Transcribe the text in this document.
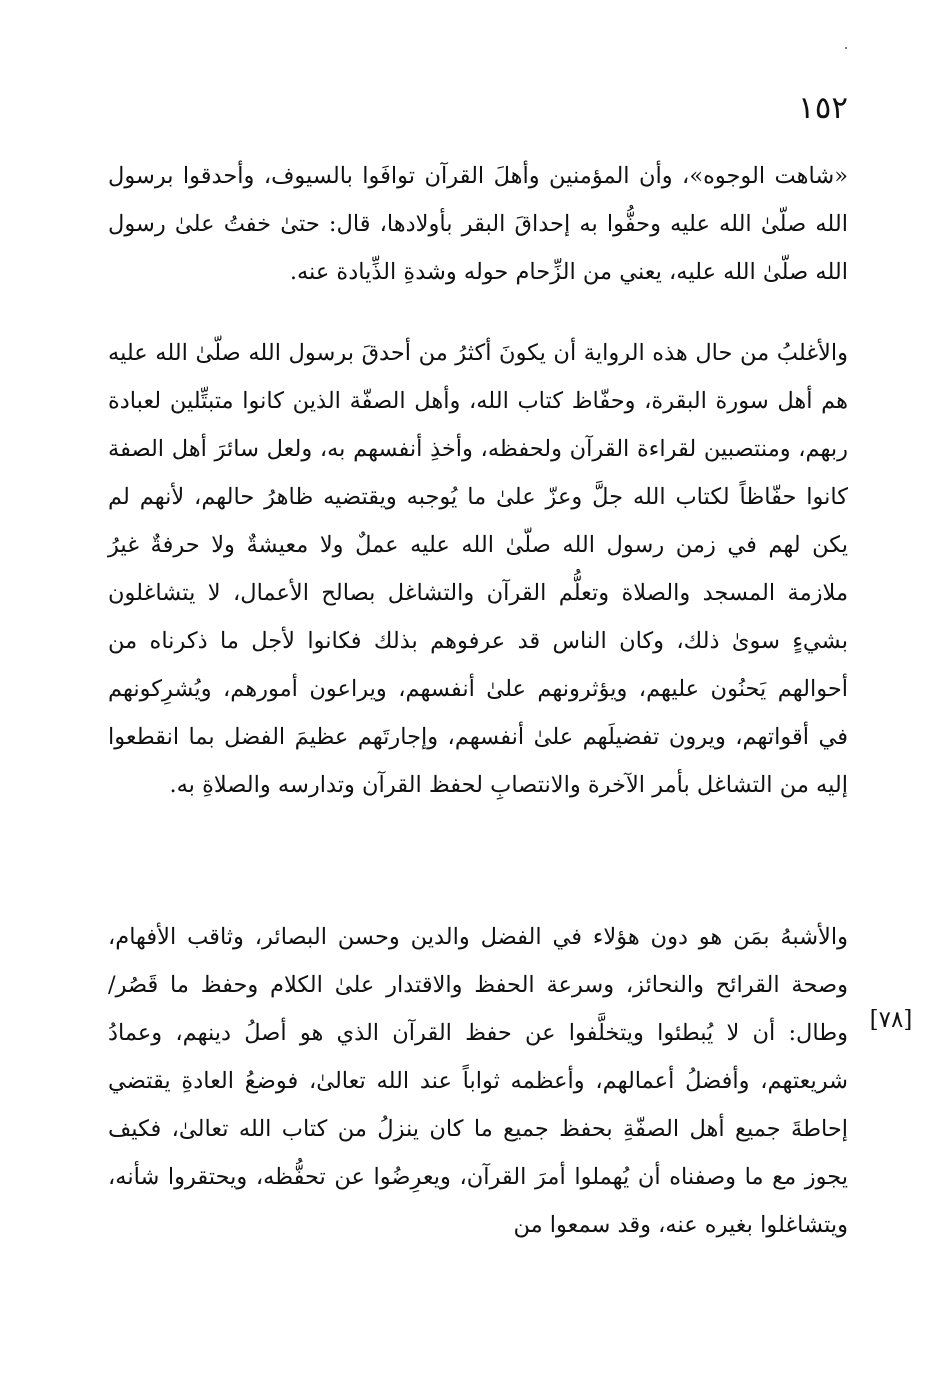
١٥٢

«شاهت الوجوه»، وأن المؤمنين وأهلَ القرآن توافَوا بالسيوف، وأحدقوا برسول الله صلّىٰ الله عليه وحفُّوا به إحداقَ البقر بأولادها، قال: حتىٰ خفتُ علىٰ رسول الله صلّىٰ الله عليه، يعني من الزِّحام حوله وشدةِ الذِّيادة عنه.

والأغلبُ من حال هذه الرواية أن يكونَ أكثرُ من أحدقَ برسول الله صلّىٰ الله عليه هم أهل سورة البقرة، وحفّاظ كتاب الله، وأهل الصفّة الذين كانوا متبتِّلين لعبادة ربهم، ومنتصبين لقراءة القرآن ولحفظه، وأخذِ أنفسهم به، ولعل سائرَ أهل الصفة كانوا حفّاظاً لكتاب الله جلَّ وعزّ علىٰ ما يُوجبه ويقتضيه ظاهرُ حالهم، لأنهم لم يكن لهم في زمن رسول الله صلّىٰ الله عليه عملٌ ولا معيشةٌ ولا حرفةٌ غيرُ ملازمة المسجد والصلاة وتعلُّم القرآن والتشاغل بصالح الأعمال، لا يتشاغلون بشيءٍ سوىٰ ذلك، وكان الناس قد عرفوهم بذلك فكانوا لأجل ما ذكرناه من أحوالهم يَحنُون عليهم، ويؤثرونهم علىٰ أنفسهم، ويراعون أمورهم، ويُشرِكونهم في أقواتهم، ويرون تفضيلَهم علىٰ أنفسهم، وإجارتَهم عظيمَ الفضل بما انقطعوا إليه من التشاغل بأمر الآخرة والانتصابِ لحفظ القرآن وتدارسه والصلاةِ به.

والأشبهُ بمَن هو دون هؤلاء في الفضل والدين وحسن البصائر، وثاقب الأفهام، وصحة القرائح والنحائز، وسرعة الحفظ والاقتدار علىٰ الكلام وحفظ ما قَصُر/ وطال: أن لا يُبطئوا ويتخلَّفوا عن حفظ القرآن الذي هو أصلُ دينهم، وعمادُ شريعتهم، وأفضلُ أعمالهم، وأعظمه ثواباً عند الله تعالىٰ، فوضعُ العادةِ يقتضي إحاطةَ جميع أهل الصفّةِ بحفظ جميع ما كان ينزلُ من كتاب الله تعالىٰ، فكيف يجوز مع ما وصفناه أن يُهملوا أمرَ القرآن، ويعرِضُوا عن تحفُّظه، ويحتقروا شأنه، ويتشاغلوا بغيره عنه، وقد سمعوا من

[٧٨]
